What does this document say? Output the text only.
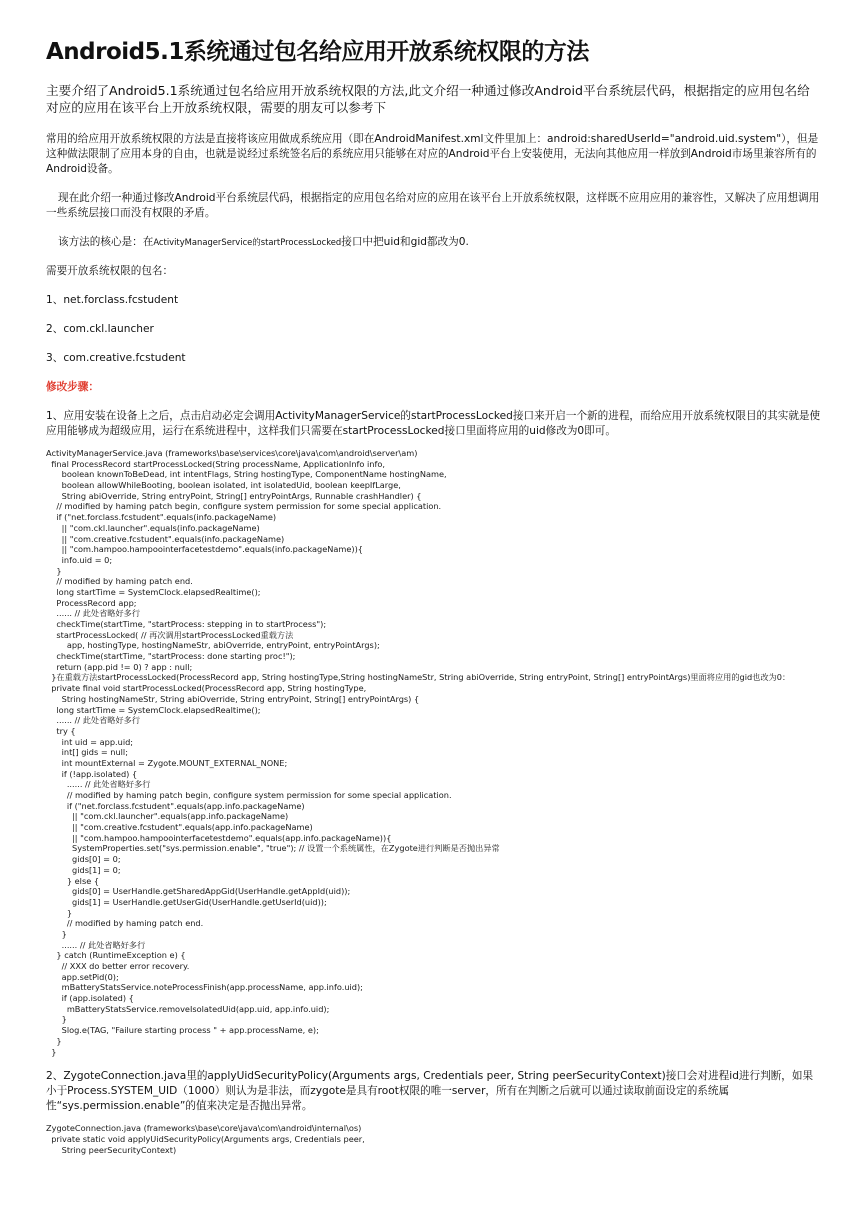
Android5.1系统通过包名给应用开放系统权限的方法

主要介绍了Android5.1系统通过包名给应用开放系统权限的方法,此文介绍一种通过修改Android平台系统层代码，根据指定的应用包名给对应的应用在该平台上开放系统权限，需要的朋友可以参考下

常用的给应用开放系统权限的方法是直接将该应用做成系统应用（即在AndroidManifest.xml文件里加上：android:sharedUserId="android.uid.system"），但是这种做法限制了应用本身的自由，也就是说经过系统签名后的系统应用只能够在对应的Android平台上安装使用，无法向其他应用一样放到Android市场里兼容所有的Android设备。

现在此介绍一种通过修改Android平台系统层代码，根据指定的应用包名给对应的应用在该平台上开放系统权限，这样既不应用应用的兼容性，又解决了应用想调用一些系统层接口而没有权限的矛盾。

该方法的核心是：在ActivityManagerService的startProcessLocked接口中把uid和gid都改为0.

需要开放系统权限的包名：

1、net.forclass.fcstudent

2、com.ckl.launcher

3、com.creative.fcstudent

修改步骤：

1、应用安装在设备上之后，点击启动必定会调用ActivityManagerService的startProcessLocked接口来开启一个新的进程，而给应用开放系统权限目的其实就是使应用能够成为超级应用，运行在系统进程中，这样我们只需要在startProcessLocked接口里面将应用的uid修改为0即可。

ActivityManagerService.java (frameworks\base\services\core\java\com\android\server\am)
final ProcessRecord startProcessLocked(String processName, ApplicationInfo info,
boolean knownToBeDead, int intentFlags, String hostingType, ComponentName hostingName,
boolean allowWhileBooting, boolean isolated, int isolatedUid, boolean keepIfLarge,
String abiOverride, String entryPoint, String[] entryPointArgs, Runnable crashHandler) {
// modified by haming patch begin, configure system permission for some special application.
if ("net.forclass.fcstudent".equals(info.packageName)
|| "com.ckl.launcher".equals(info.packageName)
|| "com.creative.fcstudent".equals(info.packageName)
|| "com.hampoo.hampoointerfacetestdemo".equals(info.packageName)){
info.uid = 0;
}
// modified by haming patch end.
long startTime = SystemClock.elapsedRealtime();
ProcessRecord app;
...... // 此处省略好多行
checkTime(startTime, "startProcess: stepping in to startProcess");
startProcessLocked( // 再次调用startProcessLocked重载方法
app, hostingType, hostingNameStr, abiOverride, entryPoint, entryPointArgs);
checkTime(startTime, "startProcess: done starting proc!");
return (app.pid != 0) ? app : null;
}在重载方法startProcessLocked(ProcessRecord app, String hostingType,String hostingNameStr, String abiOverride, String entryPoint, String[] entryPointArgs)里面将应用的gid也改为0：
private final void startProcessLocked(ProcessRecord app, String hostingType,
String hostingNameStr, String abiOverride, String entryPoint, String[] entryPointArgs) {
long startTime = SystemClock.elapsedRealtime();
...... // 此处省略好多行
try {
int uid = app.uid;
int[] gids = null;
int mountExternal = Zygote.MOUNT_EXTERNAL_NONE;
if (!app.isolated) {
...... // 此处省略好多行
// modified by haming patch begin, configure system permission for some special application.
if ("net.forclass.fcstudent".equals(app.info.packageName)
|| "com.ckl.launcher".equals(app.info.packageName)
|| "com.creative.fcstudent".equals(app.info.packageName)
|| "com.hampoo.hampoointerfacetestdemo".equals(app.info.packageName)){
SystemProperties.set("sys.permission.enable", "true"); // 设置一个系统属性，在Zygote进行判断是否抛出异常
gids[0] = 0;
gids[1] = 0;
} else {
gids[0] = UserHandle.getSharedAppGid(UserHandle.getAppId(uid));
gids[1] = UserHandle.getUserGid(UserHandle.getUserId(uid));
}
// modified by haming patch end.
}
...... // 此处省略好多行
} catch (RuntimeException e) {
// XXX do better error recovery.
app.setPid(0);
mBatteryStatsService.noteProcessFinish(app.processName, app.info.uid);
if (app.isolated) {
mBatteryStatsService.removeIsolatedUid(app.uid, app.info.uid);
}
Slog.e(TAG, "Failure starting process " + app.processName, e);
}
}

2、ZygoteConnection.java里的applyUidSecurityPolicy(Arguments args, Credentials peer, String peerSecurityContext)接口会对进程id进行判断，如果小于Process.SYSTEM_UID（1000）则认为是非法，而zygote是具有root权限的唯一server，所有在判断之后就可以通过读取前面设定的系统属性“sys.permission.enable”的值来决定是否抛出异常。

ZygoteConnection.java (frameworks\base\core\java\com\android\internal\os)
private static void applyUidSecurityPolicy(Arguments args, Credentials peer,
String peerSecurityContext)
